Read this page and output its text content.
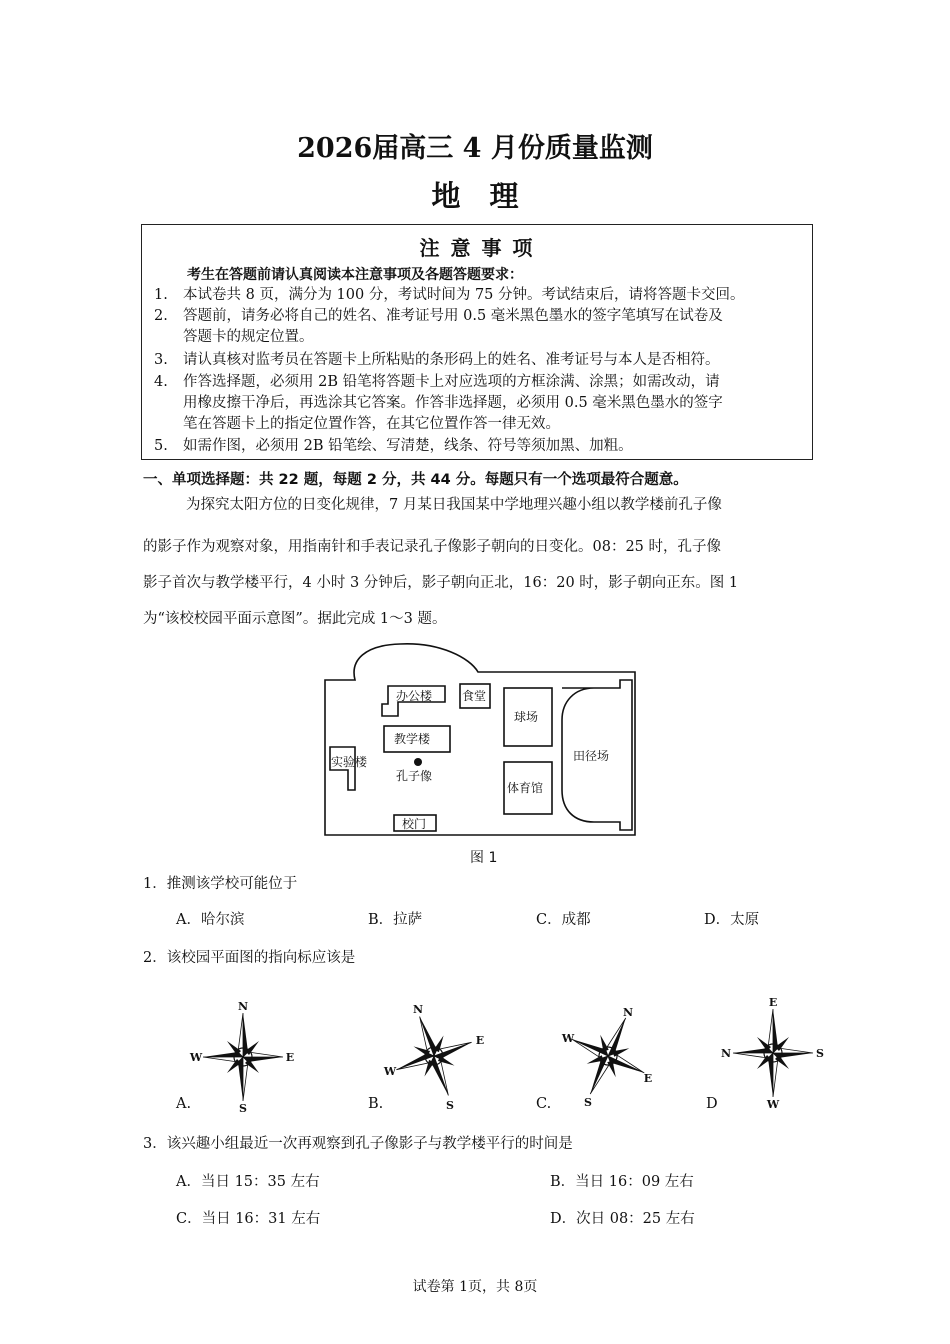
2026届高三 4 月份质量监测
地　理
注 意 事 项
考生在答题前请认真阅读本注意事项及各题答题要求：
1. 本试卷共 8 页，满分为 100 分，考试时间为 75 分钟。考试结束后，请将答题卡交回。
2. 答题前，请务必将自己的姓名、准考证号用 0.5 毫米黑色墨水的签字笔填写在试卷及
答题卡的规定位置。
3. 请认真核对监考员在答题卡上所粘贴的条形码上的姓名、准考证号与本人是否相符。
4. 作答选择题，必须用 2B 铅笔将答题卡上对应选项的方框涂满、涂黑；如需改动，请
用橡皮擦干净后，再选涂其它答案。作答非选择题，必须用 0.5 毫米黑色墨水的签字
笔在答题卡上的指定位置作答，在其它位置作答一律无效。
5. 如需作图，必须用 2B 铅笔绘、写清楚，线条、符号等须加黑、加粗。
一、单项选择题：共 22 题，每题 2 分，共 44 分。每题只有一个选项最符合题意。
为探究太阳方位的日变化规律，7 月某日我国某中学地理兴趣小组以教学楼前孔子像
的影子作为观察对象，用指南针和手表记录孔子像影子朝向的日变化。08：25 时，孔子像
影子首次与教学楼平行，4 小时 3 分钟后，影子朝向正北，16：20 时，影子朝向正东。图 1
为“该校校园平面示意图”。据此完成 1～3 题。
办公楼 食堂
球场
教学楼
实验楼
孔子像
体育馆
田径场
校门
图 1
1．推测该学校可能位于
A．哈尔滨	B．拉萨	C．成都	D．太原
2．该校园平面图的指向标应该是
N
E
S
W
A.
N
E
S
W
B.
N
E
S
W
C.
E
S
W
N
D
3．该兴趣小组最近一次再观察到孔子像影子与教学楼平行的时间是
A．当日 15：35 左右	B．当日 16：09 左右
C．当日 16：31 左右	D．次日 08：25 左右
试卷第 1页，共 8页
